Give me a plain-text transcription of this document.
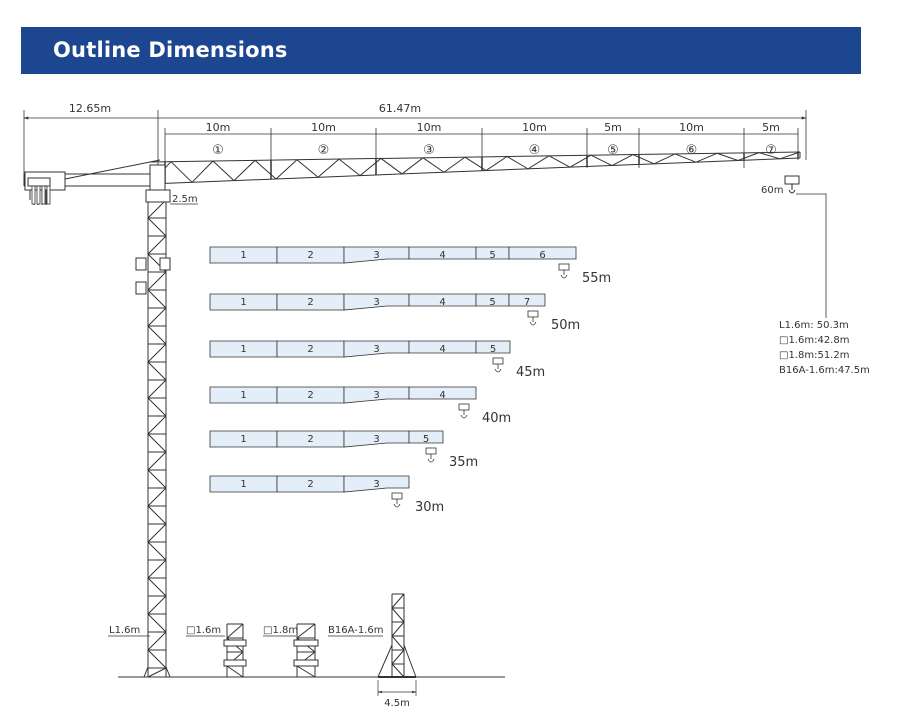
Outline Dimensions
12.65m	61.47m
10m
①
10m
②
10m
③
10m
④
5m
⑤
10m
⑥
5m
⑦
2.5m
60m
L1.6m: 50.3m
□1.6m:42.8m
□1.8m:51.2m
B16A-1.6m:47.5m
1	2	3	4	5	6
55m
1	2	3	4	5	7
50m
1	2	3	4	5
45m
1	2	3	4
40m
1	2	3	5
35m
1	2	3
30m
L1.6m	□1.6m	□1.8m	B16A-1.6m
4.5m
